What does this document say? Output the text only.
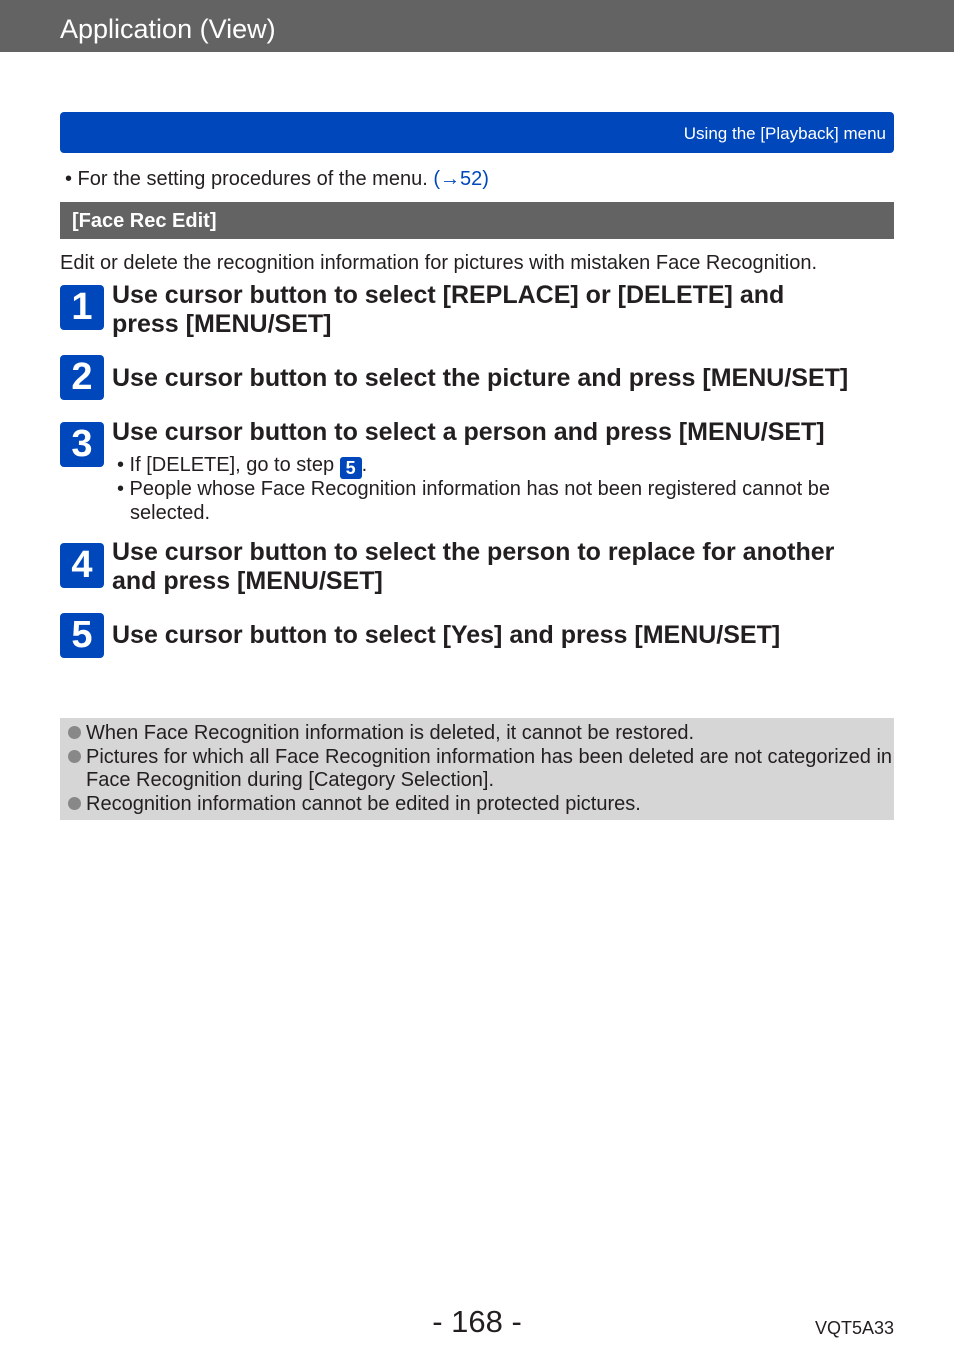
Application (View)
Using the [Playback] menu
• For the setting procedures of the menu. (→52)
[Face Rec Edit]
Edit or delete the recognition information for pictures with mistaken Face Recognition.
1 Use cursor button to select [REPLACE] or [DELETE] and
press [MENU/SET]
2 Use cursor button to select the picture and press [MENU/SET]
3 Use cursor button to select a person and press [MENU/SET]
• If [DELETE], go to step 5 .
• People whose Face Recognition information has not been registered cannot be
selected.
4 Use cursor button to select the person to replace for another
and press [MENU/SET]
5 Use cursor button to select [Yes] and press [MENU/SET]
When Face Recognition information is deleted, it cannot be restored.
Pictures for which all Face Recognition information has been deleted are not categorized in Face Recognition during [Category Selection].
Recognition information cannot be edited in protected pictures.
- 168 -	VQT5A33
